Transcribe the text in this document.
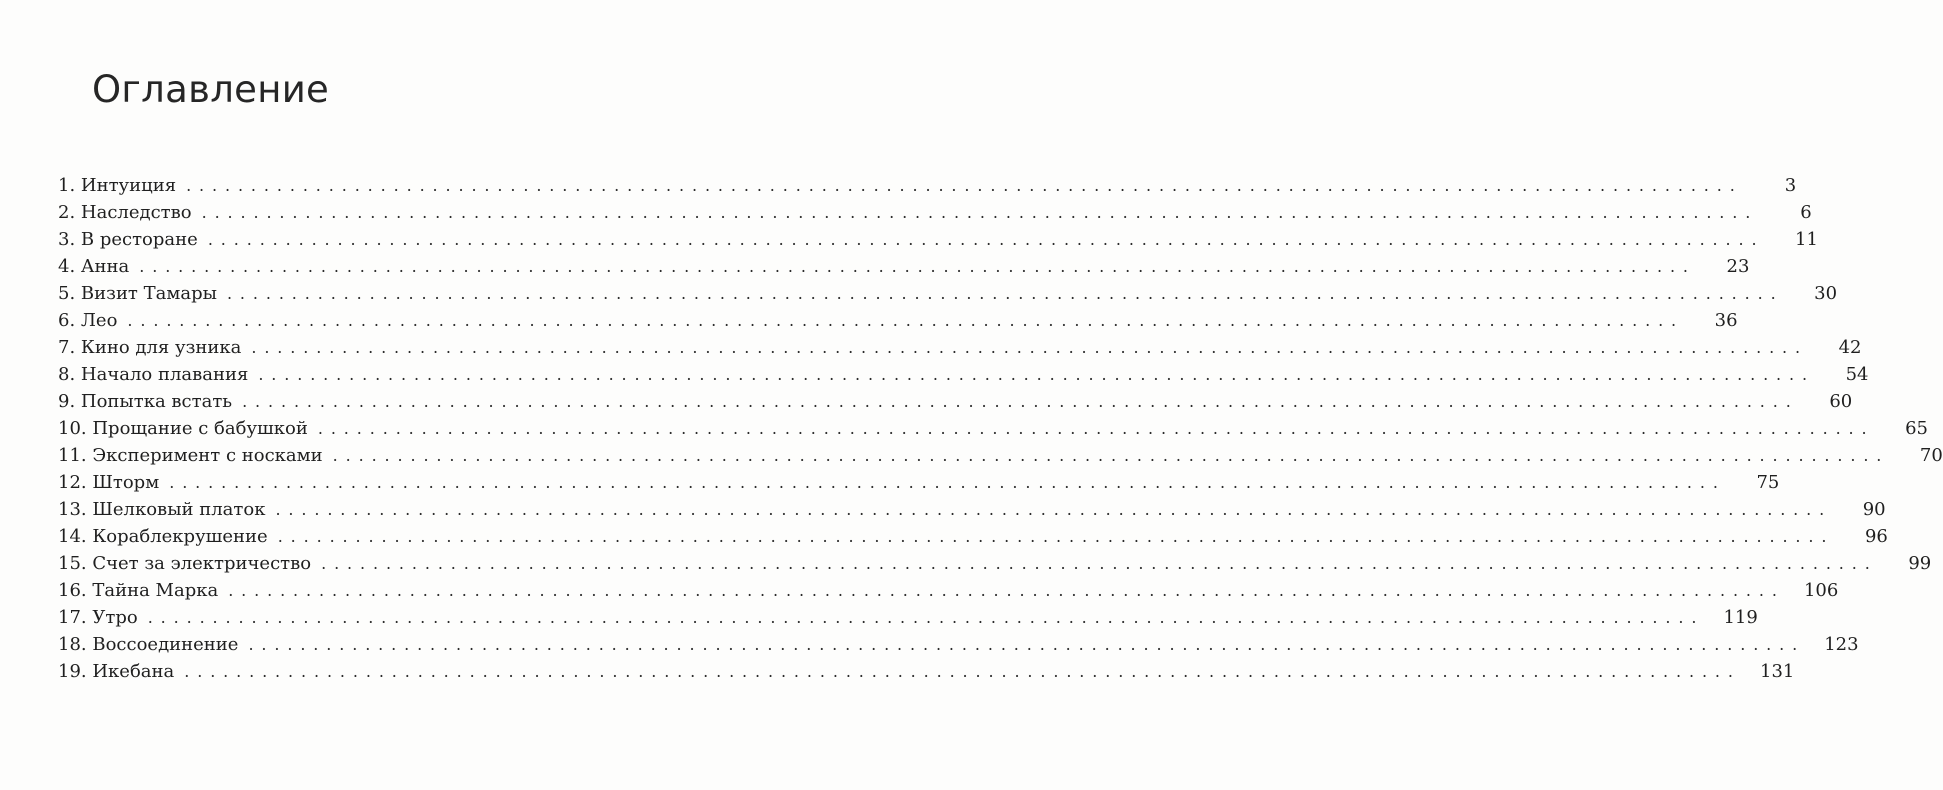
Оглавление
1. Интуиция . . . . . . . . . . . . . . . . . . . . . . . . . . . . . . . . . . . . . . . . . . . . . . . . . . . . . . . . . . . . . . . . . . . . . . . . . . . . . . . . . . . . . . . . . . . . . . . . . . . . . . . . . . . . . . . . . . . . . . . .	3
2. Наследство . . . . . . . . . . . . . . . . . . . . . . . . . . . . . . . . . . . . . . . . . . . . . . . . . . . . . . . . . . . . . . . . . . . . . . . . . . . . . . . . . . . . . . . . . . . . . . . . . . . . . . . . . . . . . . . . . . . . . . . .	6
3. В ресторане . . . . . . . . . . . . . . . . . . . . . . . . . . . . . . . . . . . . . . . . . . . . . . . . . . . . . . . . . . . . . . . . . . . . . . . . . . . . . . . . . . . . . . . . . . . . . . . . . . . . . . . . . . . . . . . . . . . . . . . .	11
4. Анна . . . . . . . . . . . . . . . . . . . . . . . . . . . . . . . . . . . . . . . . . . . . . . . . . . . . . . . . . . . . . . . . . . . . . . . . . . . . . . . . . . . . . . . . . . . . . . . . . . . . . . . . . . . . . . . . . . . . . . . .	23
5. Визит Тамары . . . . . . . . . . . . . . . . . . . . . . . . . . . . . . . . . . . . . . . . . . . . . . . . . . . . . . . . . . . . . . . . . . . . . . . . . . . . . . . . . . . . . . . . . . . . . . . . . . . . . . . . . . . . . . . . . . . . . . . .	30
6. Лео . . . . . . . . . . . . . . . . . . . . . . . . . . . . . . . . . . . . . . . . . . . . . . . . . . . . . . . . . . . . . . . . . . . . . . . . . . . . . . . . . . . . . . . . . . . . . . . . . . . . . . . . . . . . . . . . . . . . . . . .	36
7. Кино для узника . . . . . . . . . . . . . . . . . . . . . . . . . . . . . . . . . . . . . . . . . . . . . . . . . . . . . . . . . . . . . . . . . . . . . . . . . . . . . . . . . . . . . . . . . . . . . . . . . . . . . . . . . . . . . . . . . . . . . . . .	42
8. Начало плавания . . . . . . . . . . . . . . . . . . . . . . . . . . . . . . . . . . . . . . . . . . . . . . . . . . . . . . . . . . . . . . . . . . . . . . . . . . . . . . . . . . . . . . . . . . . . . . . . . . . . . . . . . . . . . . . . . . . . . . . .	54
9. Попытка встать . . . . . . . . . . . . . . . . . . . . . . . . . . . . . . . . . . . . . . . . . . . . . . . . . . . . . . . . . . . . . . . . . . . . . . . . . . . . . . . . . . . . . . . . . . . . . . . . . . . . . . . . . . . . . . . . . . . . . . . .	60
10. Прощание с бабушкой . . . . . . . . . . . . . . . . . . . . . . . . . . . . . . . . . . . . . . . . . . . . . . . . . . . . . . . . . . . . . . . . . . . . . . . . . . . . . . . . . . . . . . . . . . . . . . . . . . . . . . . . . . . . . . . . . . . . . . . .	65
11. Эксперимент с носками . . . . . . . . . . . . . . . . . . . . . . . . . . . . . . . . . . . . . . . . . . . . . . . . . . . . . . . . . . . . . . . . . . . . . . . . . . . . . . . . . . . . . . . . . . . . . . . . . . . . . . . . . . . . . . . . . . . . . . . .	70
12. Шторм . . . . . . . . . . . . . . . . . . . . . . . . . . . . . . . . . . . . . . . . . . . . . . . . . . . . . . . . . . . . . . . . . . . . . . . . . . . . . . . . . . . . . . . . . . . . . . . . . . . . . . . . . . . . . . . . . . . . . . . .	75
13. Шелковый платок . . . . . . . . . . . . . . . . . . . . . . . . . . . . . . . . . . . . . . . . . . . . . . . . . . . . . . . . . . . . . . . . . . . . . . . . . . . . . . . . . . . . . . . . . . . . . . . . . . . . . . . . . . . . . . . . . . . . . . . .	90
14. Кораблекрушение . . . . . . . . . . . . . . . . . . . . . . . . . . . . . . . . . . . . . . . . . . . . . . . . . . . . . . . . . . . . . . . . . . . . . . . . . . . . . . . . . . . . . . . . . . . . . . . . . . . . . . . . . . . . . . . . . . . . . . . .	96
15. Счет за электричество . . . . . . . . . . . . . . . . . . . . . . . . . . . . . . . . . . . . . . . . . . . . . . . . . . . . . . . . . . . . . . . . . . . . . . . . . . . . . . . . . . . . . . . . . . . . . . . . . . . . . . . . . . . . . . . . . . . . . . . .	99
16. Тайна Марка . . . . . . . . . . . . . . . . . . . . . . . . . . . . . . . . . . . . . . . . . . . . . . . . . . . . . . . . . . . . . . . . . . . . . . . . . . . . . . . . . . . . . . . . . . . . . . . . . . . . . . . . . . . . . . . . . . . . . . . . 106
17. Утро . . . . . . . . . . . . . . . . . . . . . . . . . . . . . . . . . . . . . . . . . . . . . . . . . . . . . . . . . . . . . . . . . . . . . . . . . . . . . . . . . . . . . . . . . . . . . . . . . . . . . . . . . . . . . . . . . . . . . . . . 119
18. Воссоединение . . . . . . . . . . . . . . . . . . . . . . . . . . . . . . . . . . . . . . . . . . . . . . . . . . . . . . . . . . . . . . . . . . . . . . . . . . . . . . . . . . . . . . . . . . . . . . . . . . . . . . . . . . . . . . . . . . . . . . . . 123
19. Икебана . . . . . . . . . . . . . . . . . . . . . . . . . . . . . . . . . . . . . . . . . . . . . . . . . . . . . . . . . . . . . . . . . . . . . . . . . . . . . . . . . . . . . . . . . . . . . . . . . . . . . . . . . . . . . . . . . . . . . . . . 131
